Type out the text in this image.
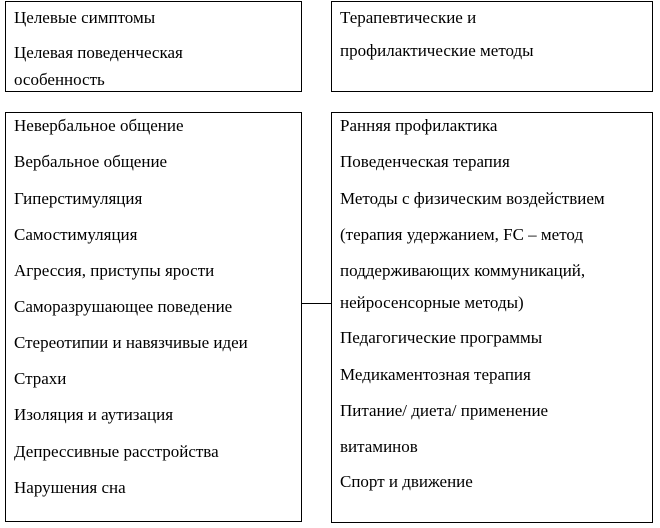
Целевые симптомы
Целевая поведенческая
особенность
Терапевтические и
профилактические методы
Невербальное общение
Вербальное общение
Гиперстимуляция
Самостимуляция
Агрессия, приступы ярости
Саморазрушающее поведение
Стереотипии и навязчивые идеи
Страхи
Изоляция и аутизация
Депрессивные расстройства
Нарушения сна
Ранняя профилактика
Поведенческая терапия
Методы с физическим воздействием
(терапия удержанием, FC – метод
поддерживающих коммуникаций,
нейросенсорные методы)
Педагогические программы
Медикаментозная терапия
Питание/ диета/ применение
витаминов
Спорт и движение
